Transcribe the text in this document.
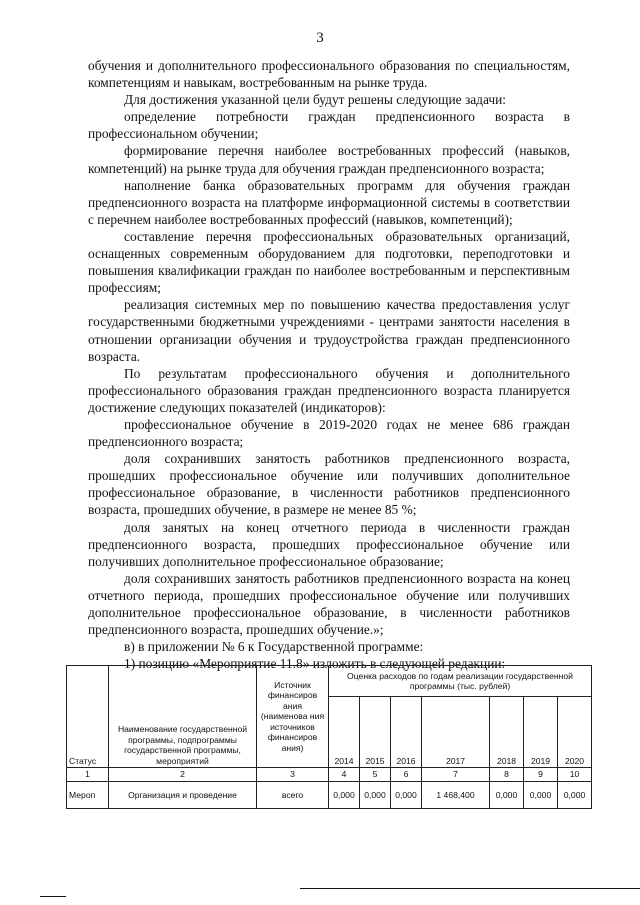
3

обучения и дополнительного профессионального образования по специальностям, компетенциям и навыкам, востребованным на рынке труда.

Для достижения указанной цели будут решены следующие задачи:

определение потребности граждан предпенсионного возраста в профессиональном обучении;

формирование перечня наиболее востребованных профессий (навыков, компетенций) на рынке труда для обучения граждан предпенсионного возраста;

наполнение банка образовательных программ для обучения граждан предпенсионного возраста на платформе информационной системы в соответствии с перечнем наиболее востребованных профессий (навыков, компетенций);

составление перечня профессиональных образовательных организаций, оснащенных современным оборудованием для подготовки, переподготовки и повышения квалификации граждан по наиболее востребованным и перспективным профессиям;

реализация системных мер по повышению качества предоставления услуг государственными бюджетными учреждениями - центрами занятости населения в отношении организации обучения и трудоустройства граждан предпенсионного возраста.

По результатам профессионального обучения и дополнительного профессионального образования граждан предпенсионного возраста планируется достижение следующих показателей (индикаторов):

профессиональное обучение в 2019-2020 годах не менее 686 граждан предпенсионного возраста;

доля сохранивших занятость работников предпенсионного возраста, прошедших профессиональное обучение или получивших дополнительное профессиональное образование, в численности работников предпенсионного возраста, прошедших обучение, в размере не менее 85 %;

доля занятых на конец отчетного периода в численности граждан предпенсионного возраста, прошедших профессиональное обучение или получивших дополнительное профессиональное образование;

доля сохранивших занятость работников предпенсионного возраста на конец отчетного периода, прошедших профессиональное обучение или получивших дополнительное профессиональное образование, в численности работников предпенсионного возраста, прошедших обучение.»;

в) в приложении № 6 к Государственной программе:

1) позицию «Мероприятие 11.8» изложить в следующей редакции:

Статус	Наименование государственной программы, подпрограммы государственной программы, мероприятий	Источник финансиров ания (наименова ния источников финансиров ания)	Оценка расходов по годам реализации государственной программы (тыс. рублей)						
			2014	2015	2016	2017	2018	2019	2020
1	2	3	4	5	6	7	8	9	10
Мероп	Организация и проведение	всего	0,000	0,000	0,000	1 468,400	0,000	0,000	0,000
